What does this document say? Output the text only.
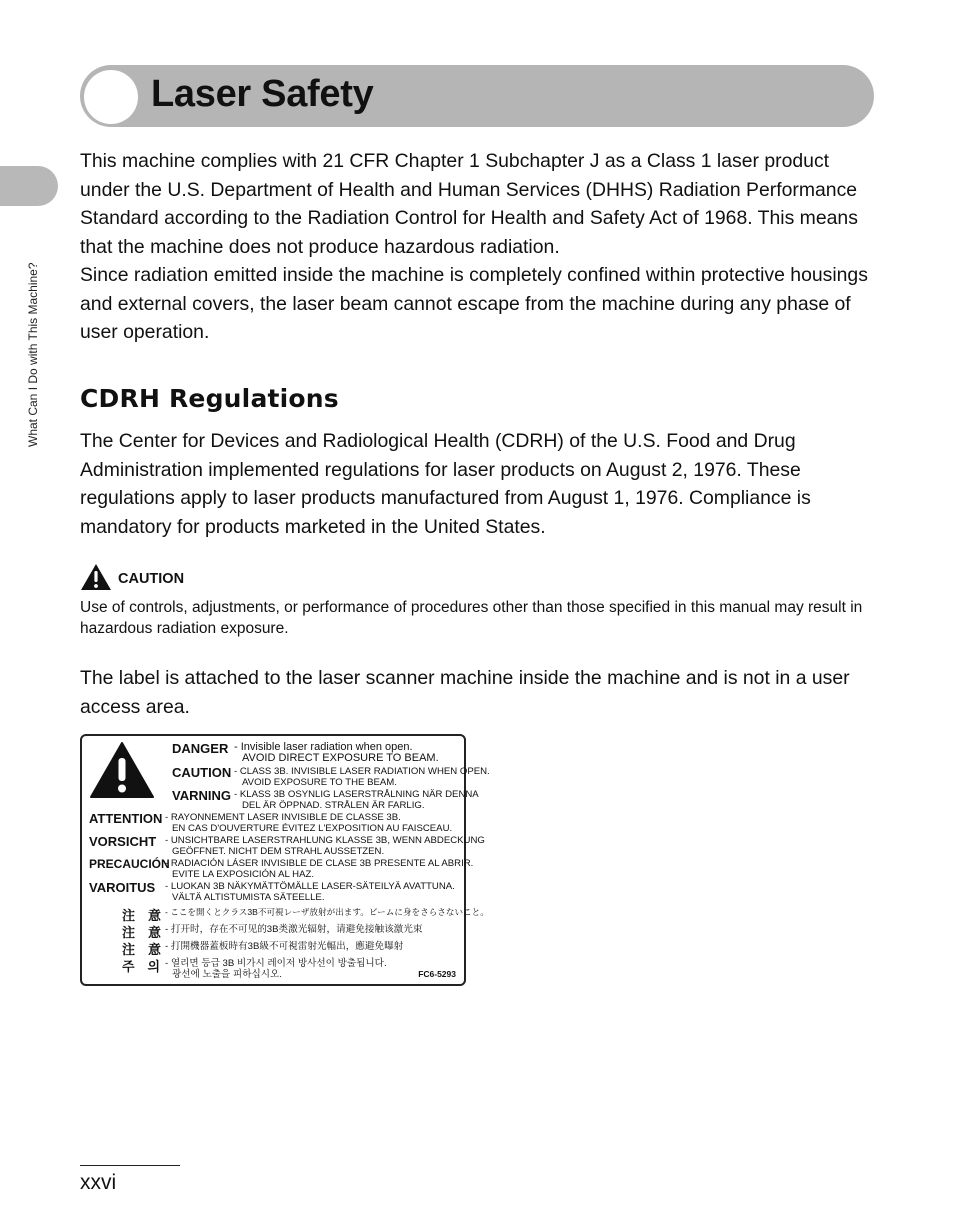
Laser Safety
What Can I Do with This Machine?

This machine complies with 21 CFR Chapter 1 Subchapter J as a Class 1 laser product under the U.S. Department of Health and Human Services (DHHS) Radiation Performance Standard according to the Radiation Control for Health and Safety Act of 1968. This means that the machine does not produce hazardous radiation.

Since radiation emitted inside the machine is completely confined within protective housings and external covers, the laser beam cannot escape from the machine during any phase of user operation.

CDRH Regulations

The Center for Devices and Radiological Health (CDRH) of the U.S. Food and Drug Administration implemented regulations for laser products on August 2, 1976. These regulations apply to laser products manufactured from August 1, 1976. Compliance is mandatory for products marketed in the United States.

CAUTION

Use of controls, adjustments, or performance of procedures other than those specified in this manual may result in hazardous radiation exposure.

The label is attached to the laser scanner machine inside the machine and is not in a user access area.

DANGER - Invisible laser radiation when open.
AVOID DIRECT EXPOSURE TO BEAM.
CAUTION - CLASS 3B. INVISIBLE LASER RADIATION WHEN OPEN.
AVOID EXPOSURE TO THE BEAM.
VARNING - KLASS 3B OSYNLIG LASERSTRÅLNING NÄR DENNA
DEL ÄR ÖPPNAD. STRÅLEN ÄR FARLIG.
ATTENTION - RAYONNEMENT LASER INVISIBLE DE CLASSE 3B.
EN CAS D'OUVERTURE ÉVITEZ L'EXPOSITION AU FAISCEAU.
VORSICHT - UNSICHTBARE LASERSTRAHLUNG KLASSE 3B, WENN ABDECKUNG
GEÖFFNET. NICHT DEM STRAHL AUSSETZEN.
PRECAUCIÓN
- RADIACIÓN LÁSER INVISIBLE DE CLASE 3B PRESENTE AL ABRIR.
EVITE LA EXPOSICIÓN AL HAZ.
VAROITUS - LUOKAN 3B NÄKYMÄTTÖMÄLLE LASER-SÄTEILYÄ AVATTUNA.
VÄLTÄ ALTISTUMISTA SÄTEELLE.
注　意 - ここを開くとクラス3B不可視レーザ放射が出ます。ビームに身をさらさないこと。
注　意 - 打开时，存在不可见的3B类激光辐射，请避免接触该激光束
注　意 - 打開機器蓋板時有3B級不可視雷射光輻出，應避免曝射
주　의 - 열리면 등급 3B 비가시 레이저 방사선이 방출됩니다.
광선에 노출을 피하십시오.	FC6-5293
xxvi
